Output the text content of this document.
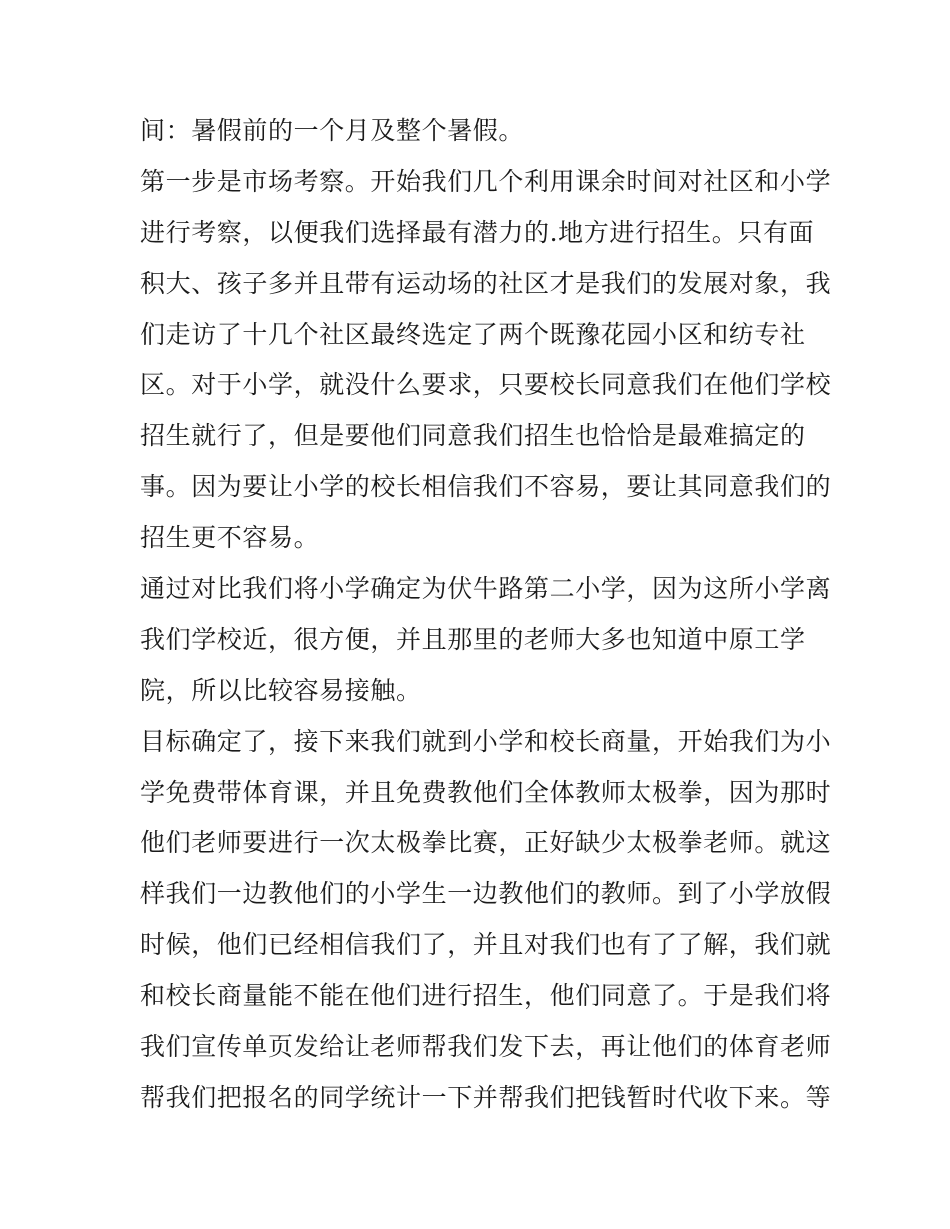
间：暑假前的一个月及整个暑假。
第一步是市场考察。开始我们几个利用课余时间对社区和小学
进行考察，以便我们选择最有潜力的.地方进行招生。只有面
积大、孩子多并且带有运动场的社区才是我们的发展对象，我
们走访了十几个社区最终选定了两个既豫花园小区和纺专社
区。对于小学，就没什么要求，只要校长同意我们在他们学校
招生就行了，但是要他们同意我们招生也恰恰是最难搞定的
事。因为要让小学的校长相信我们不容易，要让其同意我们的
招生更不容易。
通过对比我们将小学确定为伏牛路第二小学，因为这所小学离
我们学校近，很方便，并且那里的老师大多也知道中原工学
院，所以比较容易接触。
目标确定了，接下来我们就到小学和校长商量，开始我们为小
学免费带体育课，并且免费教他们全体教师太极拳，因为那时
他们老师要进行一次太极拳比赛，正好缺少太极拳老师。就这
样我们一边教他们的小学生一边教他们的教师。到了小学放假
时候，他们已经相信我们了，并且对我们也有了了解，我们就
和校长商量能不能在他们进行招生，他们同意了。于是我们将
我们宣传单页发给让老师帮我们发下去，再让他们的体育老师
帮我们把报名的同学统计一下并帮我们把钱暂时代收下来。等
